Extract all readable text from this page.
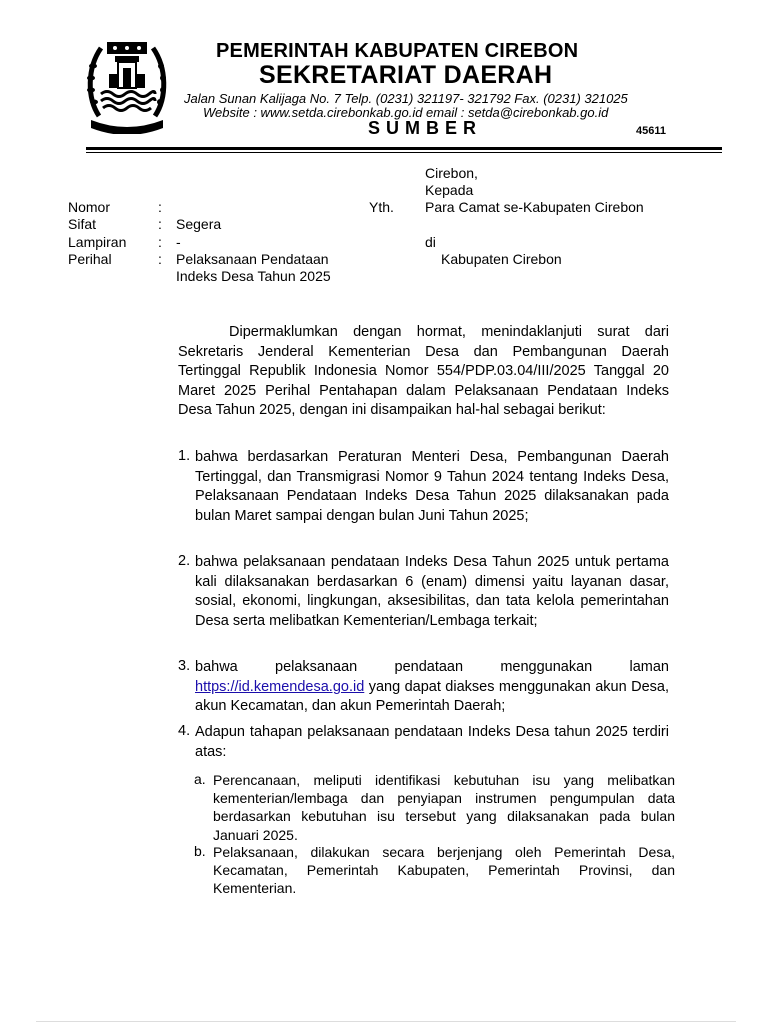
PEMERINTAH KABUPATEN CIREBON
SEKRETARIAT DAERAH
Jalan Sunan Kalijaga No. 7 Telp. (0231) 321197- 321792 Fax. (0231) 321025
Website : www.setda.cirebonkab.go.id email : setda@cirebonkab.go.id
SUMBER	45611
Cirebon,
Kepada
Yth. Para Camat se-Kabupaten Cirebon
di
Kabupaten Cirebon
Nomor	:
Sifat	: Segera
Lampiran : -
Perihal	: Pelaksanaan Pendataan
Indeks Desa Tahun 2025
Dipermaklumkan dengan hormat, menindaklanjuti surat dari Sekretaris Jenderal Kementerian Desa dan Pembangunan Daerah Tertinggal Republik Indonesia Nomor 554/PDP.03.04/III/2025 Tanggal 20 Maret 2025 Perihal Pentahapan dalam Pelaksanaan Pendataan Indeks Desa Tahun 2025, dengan ini disampaikan hal-hal sebagai berikut:
1. bahwa berdasarkan Peraturan Menteri Desa, Pembangunan Daerah Tertinggal, dan Transmigrasi Nomor 9 Tahun 2024 tentang Indeks Desa, Pelaksanaan Pendataan Indeks Desa Tahun 2025 dilaksanakan pada bulan Maret sampai dengan bulan Juni Tahun 2025;
2. bahwa pelaksanaan pendataan Indeks Desa Tahun 2025 untuk pertama kali dilaksanakan berdasarkan 6 (enam) dimensi yaitu layanan dasar, sosial, ekonomi, lingkungan, aksesibilitas, dan tata kelola pemerintahan Desa serta melibatkan Kementerian/Lembaga terkait;
3. bahwa pelaksanaan pendataan menggunakan laman https://id.kemendesa.go.id yang dapat diakses menggunakan akun Desa, akun Kecamatan, dan akun Pemerintah Daerah;
4. Adapun tahapan pelaksanaan pendataan Indeks Desa tahun 2025 terdiri atas:
a. Perencanaan, meliputi identifikasi kebutuhan isu yang melibatkan kementerian/lembaga dan penyiapan instrumen pengumpulan data berdasarkan kebutuhan isu tersebut yang dilaksanakan pada bulan Januari 2025.
b. Pelaksanaan, dilakukan secara berjenjang oleh Pemerintah Desa, Kecamatan, Pemerintah Kabupaten, Pemerintah Provinsi, dan Kementerian.
